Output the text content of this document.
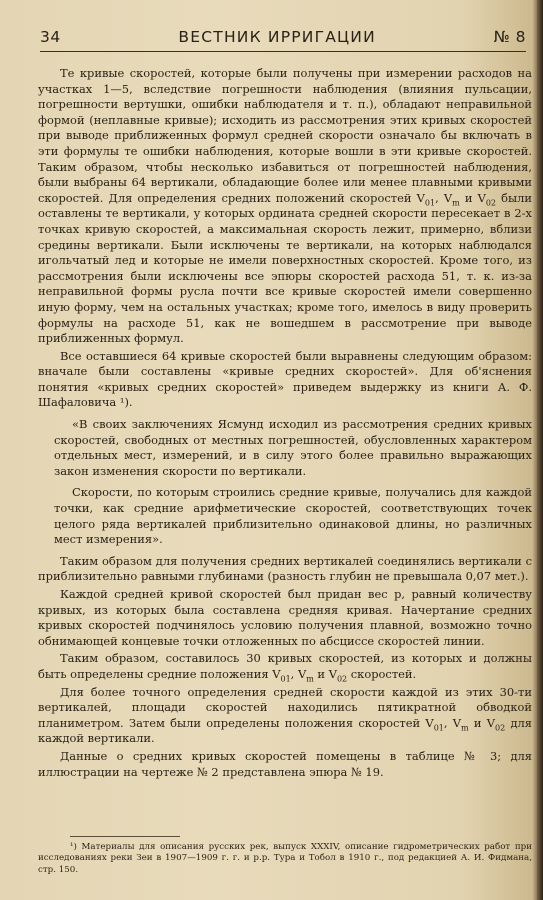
34	ВЕСТНИК ИРРИГАЦИИ	№ 8

Те кривые скоростей, которые были получены при измерении расходов на участках 1—5, вследствие погрешности наблюдения (влияния пульсации, погрешности вертушки, ошибки наблюдателя и т. п.), обладают неправильной формой (неплавные кривые); исходить из рассмотрения этих кривых скоростей при выводе приближенных формул средней скорости означало бы включать в эти формулы те ошибки наблюдения, которые вошли в эти кривые скоростей. Таким образом, чтобы несколько избавиться от погрешностей наблюдения, были выбраны 64 вертикали, обладающие более или менее плавными кривыми скоростей. Для определения средних положений скоростей $V_{01}$, $V_m$ и $V_{02}$ были оставлены те вертикали, у которых ордината средней скорости пересекает в 2-х точках кривую скоростей, а максимальная скорость лежит, примерно, вблизи средины вертикали. Были исключены те вертикали, на которых наблюдался игольчатый лед и которые не имели поверхностных скоростей. Кроме того, из рассмотрения были исключены все эпюры скоростей расхода 51, т. к. из-за неправильной формы русла почти все кривые скоростей имели совершенно иную форму, чем на остальных участках; кроме того, имелось в виду проверить формулы на расходе 51, как не вошедшем в рассмотрение при выводе приближенных формул.

Все оставшиеся 64 кривые скоростей были выравнены следующим образом: вначале были составлены «кривые средних скоростей». Для об'яснения понятия «кривых средних скоростей» приведем выдержку из книги А. Ф. Шафаловича ¹).

«В своих заключениях Ясмунд исходил из рассмотрения средних кривых скоростей, свободных от местных погрешностей, обусловленных характером отдельных мест, измерений, и в силу этого более правильно выражающих закон изменения скорости по вертикали.

Скорости, по которым строились средние кривые, получались для каждой точки, как средние арифметические скоростей, соответствующих точек целого ряда вертикалей приблизительно одинаковой длины, но различных мест измерения».

Таким образом для получения средних вертикалей соединялись вертикали с приблизительно равными глубинами (разность глубин не превышала 0,07 мет.).

Каждой средней кривой скоростей был придан вес p, равный количеству кривых, из которых была составлена средняя кривая. Начертание средних кривых скоростей подчинялось условию получения плавной, возможно точно обнимающей концевые точки отложенных по абсциссе скоростей линии.

Таким образом, составилось 30 кривых скоростей, из которых и должны быть определены средние положения $V_{01}$, $V_m$ и $V_{02}$ скоростей.

Для более точного определения средней скорости каждой из этих 30-ти вертикалей, площади скоростей находились пятикратной обводкой планиметром. Затем были определены положения скоростей $V_{01}$, $V_m$ и $V_{02}$ для каждой вертикали.

Данные о средних кривых скоростей помещены в таблице № 3; для иллюстрации на чертеже № 2 представлена эпюра № 19.

¹) Материалы для описания русских рек, выпуск XXXIV, описание гидрометрических работ при исследованиях реки Зеи в 1907—1909 г. г. и р.р. Тура и Тобол в 1910 г., под редакцией А. И. Фидмана, стр. 150.
